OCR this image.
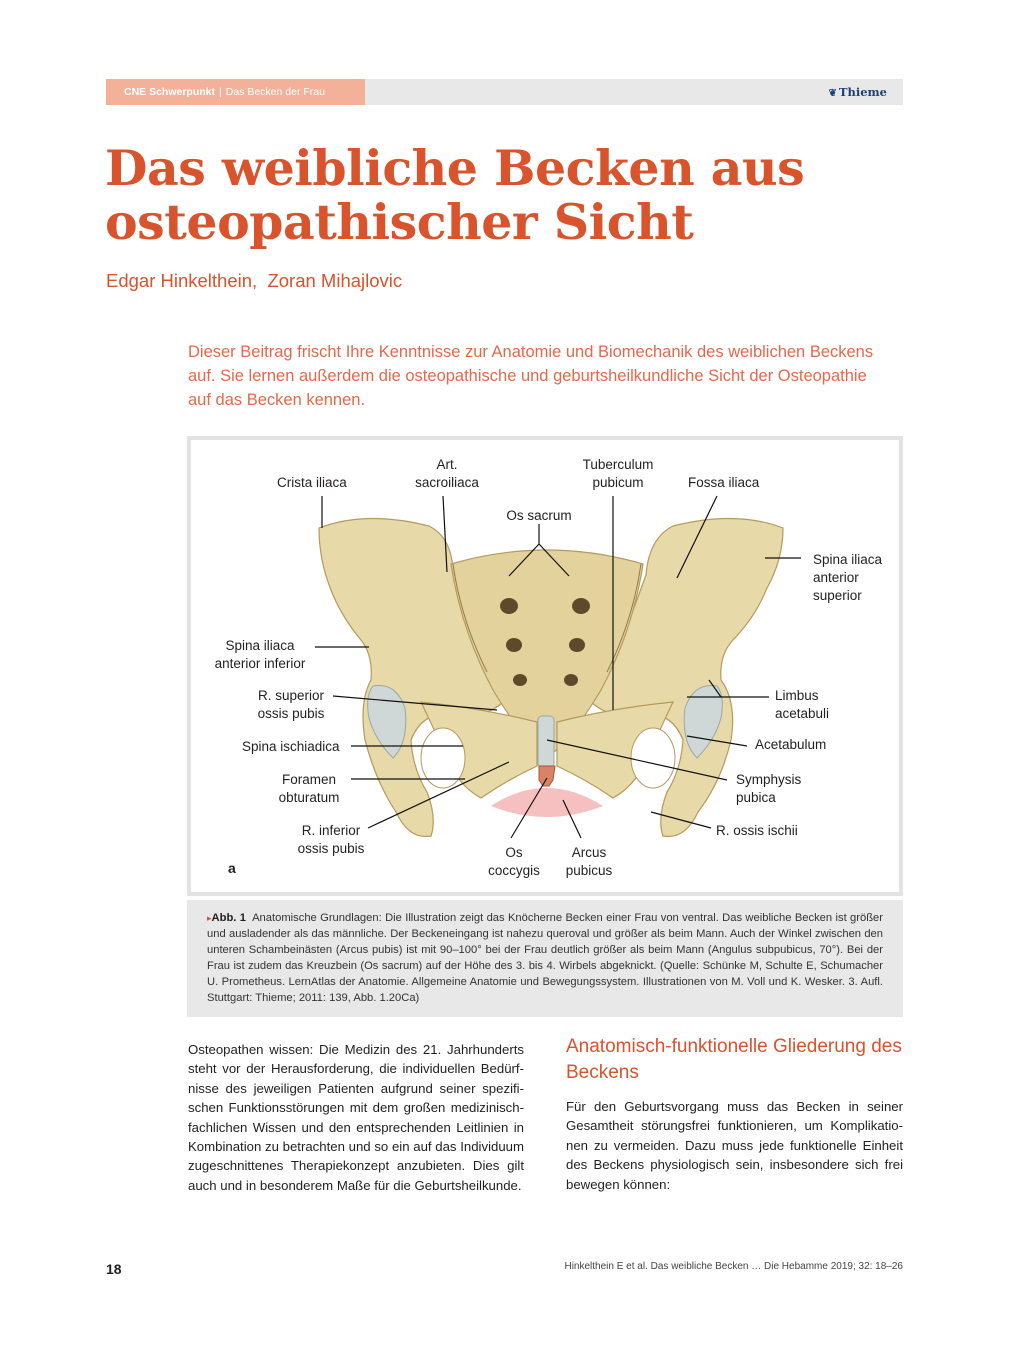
CNE Schwerpunkt | Das Becken der Frau	❦ Thieme
Das weibliche Becken aus
osteopathischer Sicht
Edgar Hinkelthein,  Zoran Mihajlovic
Dieser Beitrag frischt Ihre Kenntnisse zur Anatomie und Biomechanik des weiblichen Beckens auf. Sie lernen außerdem die osteopathische und geburtsheilkundliche Sicht der Osteopathie auf das Becken kennen.
Crista iliaca
Art.
sacroiliaca
Tuberculum
pubicum	Fossa iliaca
Os sacrum
Spina iliaca
anterior
superior
Spina iliaca
anterior inferior
R. superior
ossis pubis
Limbus
acetabuli
Spina ischiadica	Acetabulum
Foramen
obturatum
Symphysis
pubica
R. inferior
ossis pubis
R. ossis ischii
Os
coccygis
Arcus
pubicus
a
▸Abb. 1 Anatomische Grundlagen: Die Illustration zeigt das Knöcherne Becken einer Frau von ventral. Das weibliche Becken ist größer und ausladender als das männliche. Der Beckeneingang ist nahezu queroval und größer als beim Mann. Auch der Winkel zwischen den unteren Schambeinästen (Arcus pubis) ist mit 90–100° bei der Frau deutlich größer als beim Mann (Angulus subpubicus, 70°). Bei der Frau ist zudem das Kreuzbein (Os sacrum) auf der Höhe des 3. bis 4. Wirbels abgeknickt. (Quelle: Schünke M, Schulte E, Schumacher U. Prometheus. LernAtlas der Anatomie. Allgemeine Anatomie und Bewegungssystem. Illustrationen von M. Voll und K. Wesker. 3. Aufl. Stuttgart: Thieme; 2011: 139, Abb. 1.20Ca)
Osteopathen wissen: Die Medizin des 21. Jahrhunderts steht vor der Herausforderung, die individuellen Bedürfnisse des jeweiligen Patienten aufgrund seiner spezifischen Funktionsstörungen mit dem großen medizinisch-fachlichen Wissen und den entsprechenden Leitlinien in Kombination zu betrachten und so ein auf das Individuum zugeschnittenes Therapiekonzept anzubieten. Dies gilt auch und in besonderem Maße für die Geburtsheilkunde.
Anatomisch-funktionelle Gliederung des Beckens
Für den Geburtsvorgang muss das Becken in seiner Gesamtheit störungsfrei funktionieren, um Komplikationen zu vermeiden. Dazu muss jede funktionelle Einheit des Beckens physiologisch sein, insbesondere sich frei bewegen können:
18	Hinkelthein E et al. Das weibliche Becken … Die Hebamme 2019; 32: 18–26
